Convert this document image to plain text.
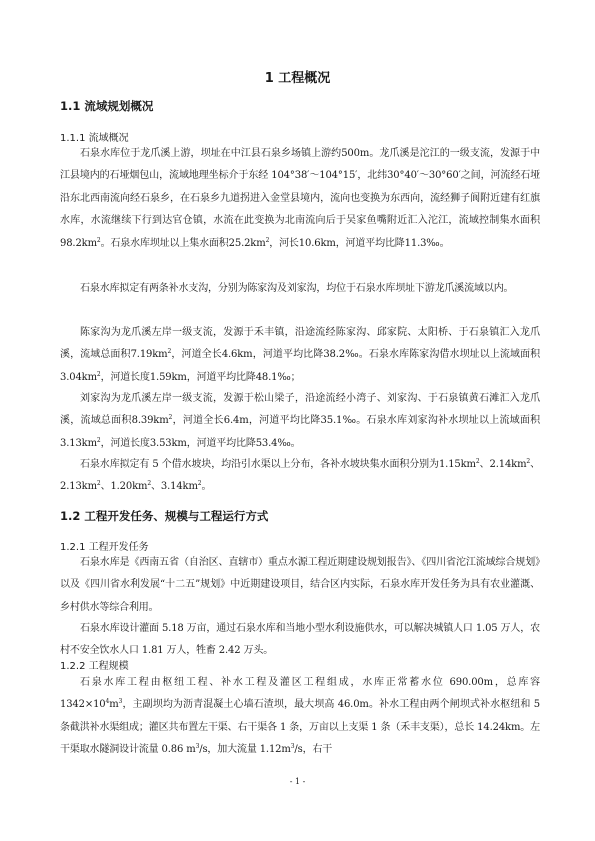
1 工程概况
1.1 流域规划概况
1.1.1 流域概况

石泉水库位于龙爪溪上游，坝址在中江县石泉乡场镇上游约500m。龙爪溪是沱江的一级支流，发源于中江县境内的石垭烟包山，流域地理坐标介于东经 104°38′～104°15′，北纬30°40′～30°60′之间，河流经石垭沿东北西南流向经石泉乡，在石泉乡九道拐进入金堂县境内，流向也变换为东西向，流经狮子阆附近建有红旗水库，水流继续下行到达官仓镇，水流在此变换为北南流向后于吴家鱼嘴附近汇入沱江，流域控制集水面积$98.2km^2$。石泉水库坝址以上集水面积$25.2km^2$，河长10.6km，河道平均比降11.3‰。

石泉水库拟定有两条补水支沟，分别为陈家沟及刘家沟，均位于石泉水库坝址下游龙爪溪流域以内。

陈家沟为龙爪溪左岸一级支流，发源于禾丰镇，沿途流经陈家沟、邱家院、太阳桥、于石泉镇汇入龙爪溪，流域总面积$7.19km^2$，河道全长4.6km，河道平均比降38.2‰。石泉水库陈家沟借水坝址以上流域面积$3.04km^2$，河道长度1.59km，河道平均比降48.1‰；

刘家沟为龙爪溪左岸一级支流，发源于松山梁子，沿途流经小湾子、刘家沟、于石泉镇黄石滩汇入龙爪溪，流域总面积$8.39km^2$，河道全长6.4m，河道平均比降35.1‰。石泉水库刘家沟补水坝址以上流域面积$3.13km^2$，河道长度3.53km，河道平均比降53.4‰。

石泉水库拟定有 5 个借水坡块，均沿引水渠以上分布，各补水坡块集水面积分别为$1.15km^2$、$2.14km^2$、$2.13km^2$、$1.20km^2$、$3.14km^2$。

1.2 工程开发任务、规模与工程运行方式
1.2.1 工程开发任务

石泉水库是《西南五省（自治区、直辖市）重点水源工程近期建设规划报告》、《四川省沱江流域综合规划》以及《四川省水利发展“十二五”规划》中近期建设项目，结合区内实际，石泉水库开发任务为具有农业灌溉、乡村供水等综合利用。

石泉水库设计灌面 5.18 万亩，通过石泉水库和当地小型水利设施供水，可以解决城镇人口 1.05 万人，农村不安全饮水人口 1.81 万人，牲畜 2.42 万头。

1.2.2 工程规模

石泉水库工程由枢纽工程、补水工程及灌区工程组成，水库正常蓄水位 690.00m，总库容 $1342\times 10^4m^3$，主副坝均为沥青混凝土心墙石渣坝，最大坝高 46.0m。补水工程由两个闸坝式补水枢纽和 5 条截洪补水渠组成；灌区共布置左干渠、右干渠各 1 条，万亩以上支渠 1 条（禾丰支渠），总长 14.24km。左干渠取水隧洞设计流量 0.86 $m^3/s$，加大流量 $1.12m^3/s$，右干

- 1 -
